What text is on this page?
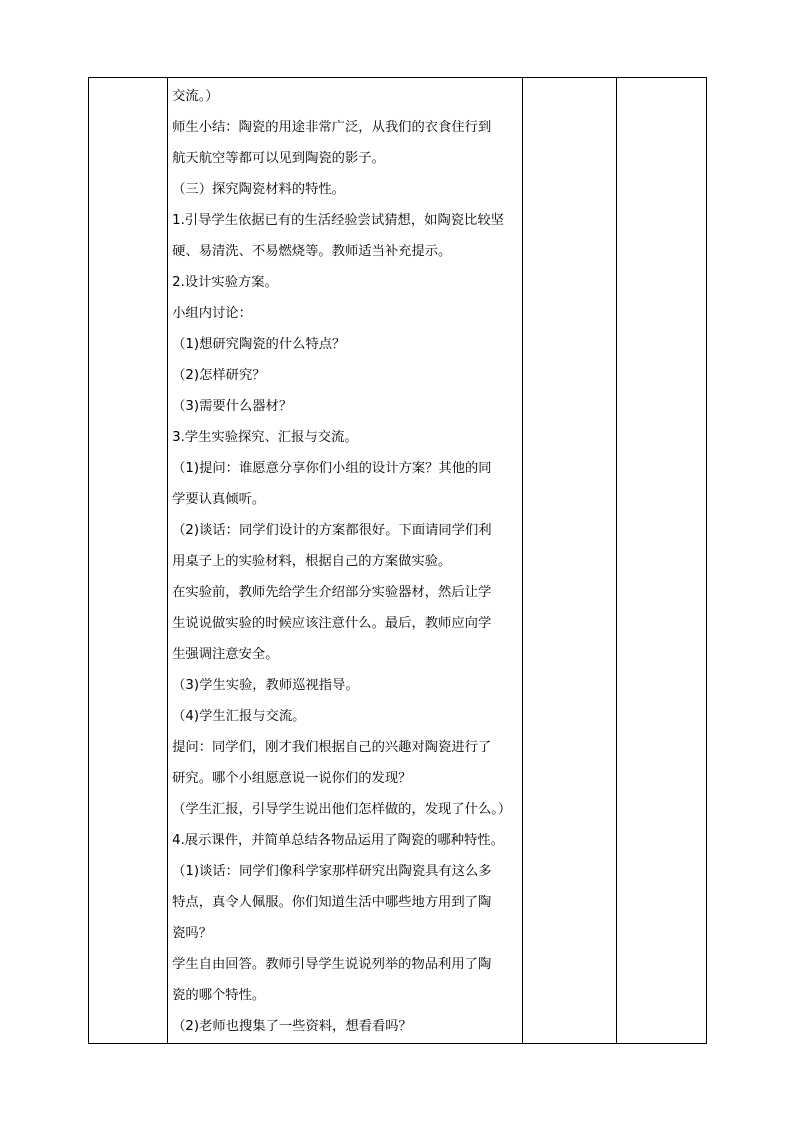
交流。）
师生小结：陶瓷的用途非常广泛，从我们的衣食住行到
航天航空等都可以见到陶瓷的影子。
（三）探究陶瓷材料的特性。
1.引导学生依据已有的生活经验尝试猜想，如陶瓷比较坚
硬、易清洗、不易燃烧等。教师适当补充提示。
2.设计实验方案。
小组内讨论：
（1)想研究陶瓷的什么特点？
（2)怎样研究？
（3)需要什么器材？
3.学生实验探究、汇报与交流。
（1)提问：谁愿意分享你们小组的设计方案？其他的同
学要认真倾听。
（2)谈话：同学们设计的方案都很好。下面请同学们利
用桌子上的实验材料，根据自己的方案做实验。
在实验前，教师先给学生介绍部分实验器材，然后让学
生说说做实验的时候应该注意什么。最后，教师应向学
生强调注意安全。
（3)学生实验，教师巡视指导。
（4)学生汇报与交流。
提问：同学们，刚才我们根据自己的兴趣对陶瓷进行了
研究。哪个小组愿意说一说你们的发现？
（学生汇报，引导学生说出他们怎样做的，发现了什么。）
4.展示课件，并简单总结各物品运用了陶瓷的哪种特性。
（1)谈话：同学们像科学家那样研究出陶瓷具有这么多
特点，真令人佩服。你们知道生活中哪些地方用到了陶
瓷吗？
学生自由回答。教师引导学生说说列举的物品利用了陶
瓷的哪个特性。
（2)老师也搜集了一些资料，想看看吗？
